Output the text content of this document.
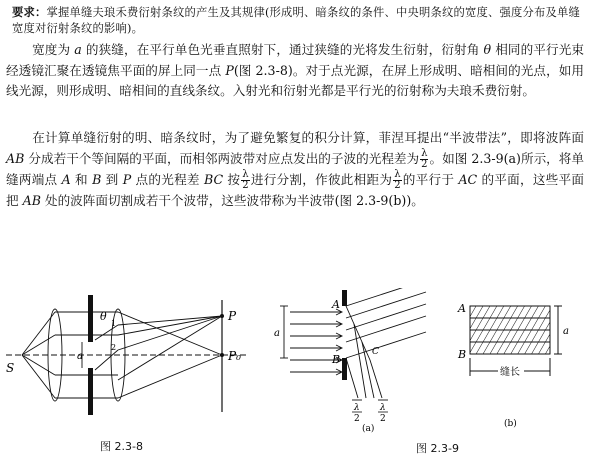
要求：掌握单缝夫琅禾费衍射条纹的产生及其规律(形成明、暗条纹的条件、中央明条纹的宽度、强度分布及单缝宽度对衍射条纹的影响)。
宽度为 a 的狭缝，在平行单色光垂直照射下，通过狭缝的光将发生衍射，衍射角 θ 相同的平行光束经透镜汇聚在透镜焦平面的屏上同一点 P(图 2.3-8)。对于点光源，在屏上形成明、暗相间的光点，如用线光源，则形成明、暗相间的直线条纹。入射光和衍射光都是平行光的衍射称为夫琅禾费衍射。
在计算单缝衍射的明、暗条纹时，为了避免繁复的积分计算，菲涅耳提出“半波带法”，即将波阵面 AB 分成若干个等间隔的平面，而相邻两波带对应点发出的子波的光程差为 $\frac{\lambda}{2}$ 。如图 2.3-9(a)所示，将单缝两端点 A 和 B 到 P 点的光程差 BC 按 $\frac{\lambda}{2}$ 进行分割，作彼此相距为 $\frac{\lambda}{2}$ 的平行于 AC 的平面，这些平面把 AB 处的波阵面切割成若干个波带，这些波带称为半波带(图 2.3-9(b))。
S
a
θ
1
2
P
P₀
图 2.3-8
A
B
C
a
λ
2
λ
2
(a)
A
B
a
缝长
(b)
图 2.3-9
